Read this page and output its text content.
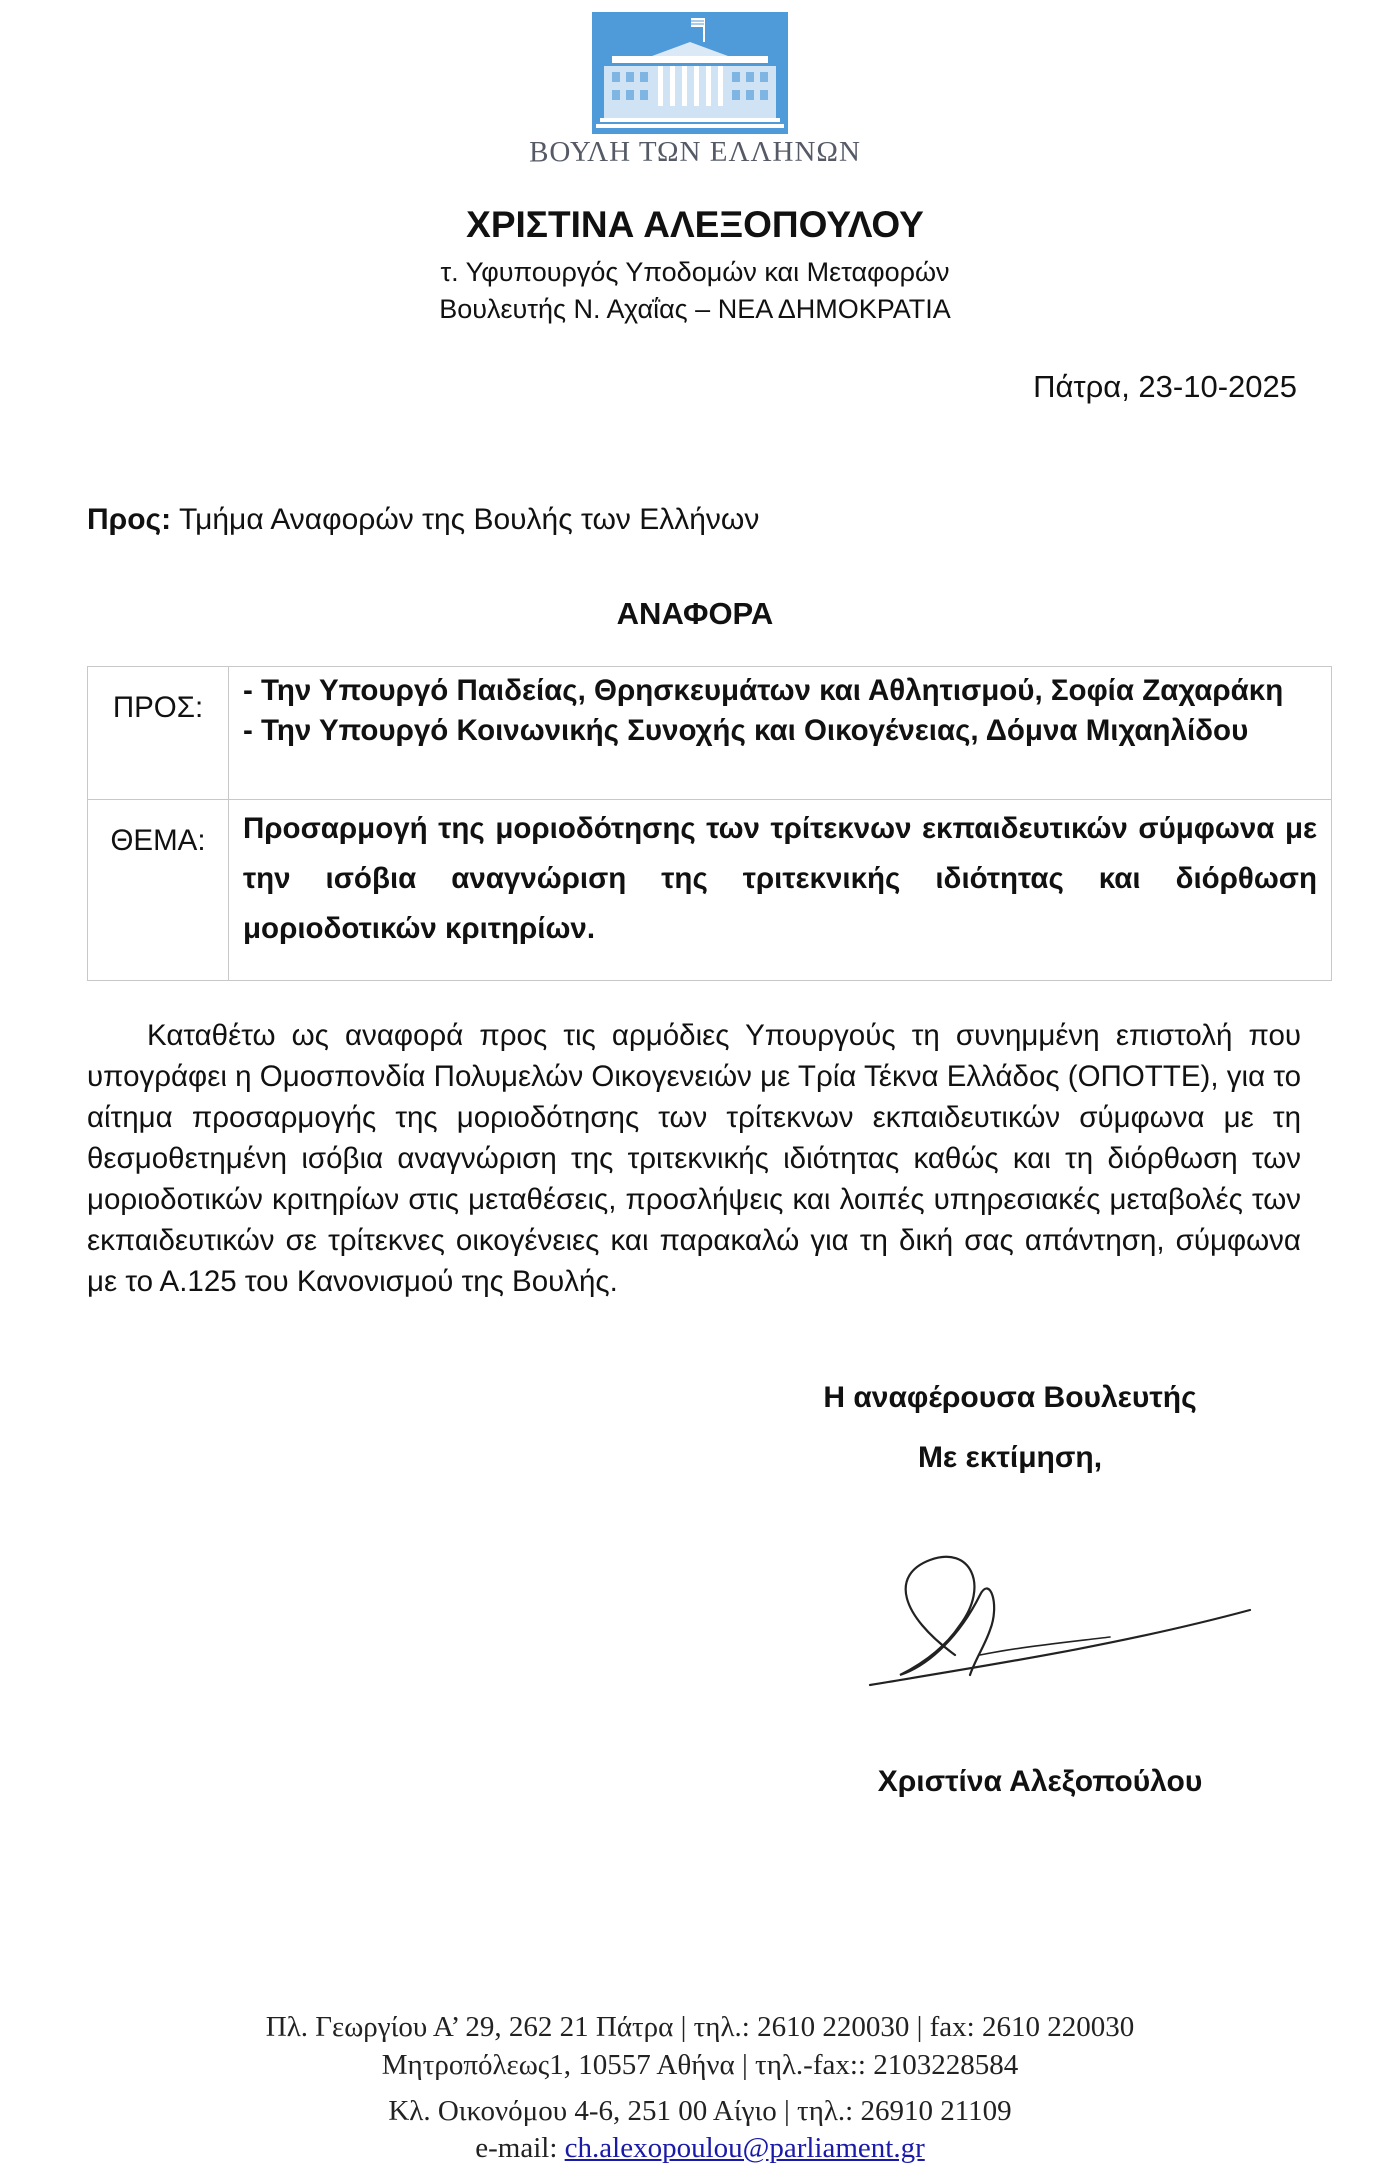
ΒΟΥΛΗ ΤΩΝ ΕΛΛΗΝΩΝ
ΧΡΙΣΤΙΝΑ ΑΛΕΞΟΠΟΥΛΟΥ
τ. Υφυπουργός Υποδομών και Μεταφορών
Βουλευτής Ν. Αχαΐας – ΝΕΑ ΔΗΜΟΚΡΑΤΙΑ
Πάτρα, 23-10-2025
Προς: Τμήμα Αναφορών της Βουλής των Ελλήνων
ΑΝΑΦΟΡΑ
ΠΡΟΣ:	- Την Υπουργό Παιδείας, Θρησκευμάτων και Αθλητισμού, Σοφία Ζαχαράκη
- Την Υπουργό Κοινωνικής Συνοχής και Οικογένειας, Δόμνα Μιχαηλίδου

ΘΕΜΑ:	Προσαρμογή της μοριοδότησης των τρίτεκνων εκπαιδευτικών σύμφωνα με την ισόβια αναγνώριση της τριτεκνικής ιδιότητας και διόρθωση μοριοδοτικών κριτηρίων.
Καταθέτω ως αναφορά προς τις αρμόδιες Υπουργούς τη συνημμένη επιστολή που υπογράφει η Ομοσπονδία Πολυμελών Οικογενειών με Τρία Τέκνα Ελλάδος (ΟΠΟΤΤΕ), για το αίτημα προσαρμογής της μοριοδότησης των τρίτεκνων εκπαιδευτικών σύμφωνα με τη θεσμοθετημένη ισόβια αναγνώριση της τριτεκνικής ιδιότητας καθώς και τη διόρθωση των μοριοδοτικών κριτηρίων στις μεταθέσεις, προσλήψεις και λοιπές υπηρεσιακές μεταβολές των εκπαιδευτικών σε τρίτεκνες οικογένειες και παρακαλώ για τη δική σας απάντηση, σύμφωνα με το Α.125 του Κανονισμού της Βουλής.
Η αναφέρουσα Βουλευτής
Με εκτίμηση,
Χριστίνα Αλεξοπούλου
Πλ. Γεωργίου Α’ 29, 262 21 Πάτρα | τηλ.: 2610 220030 | fax: 2610 220030
Μητροπόλεως1, 10557 Αθήνα | τηλ.-fax:: 2103228584
Κλ. Οικονόμου 4-6, 251 00 Αίγιο | τηλ.: 26910 21109
e-mail: ch.alexopoulou@parliament.gr
